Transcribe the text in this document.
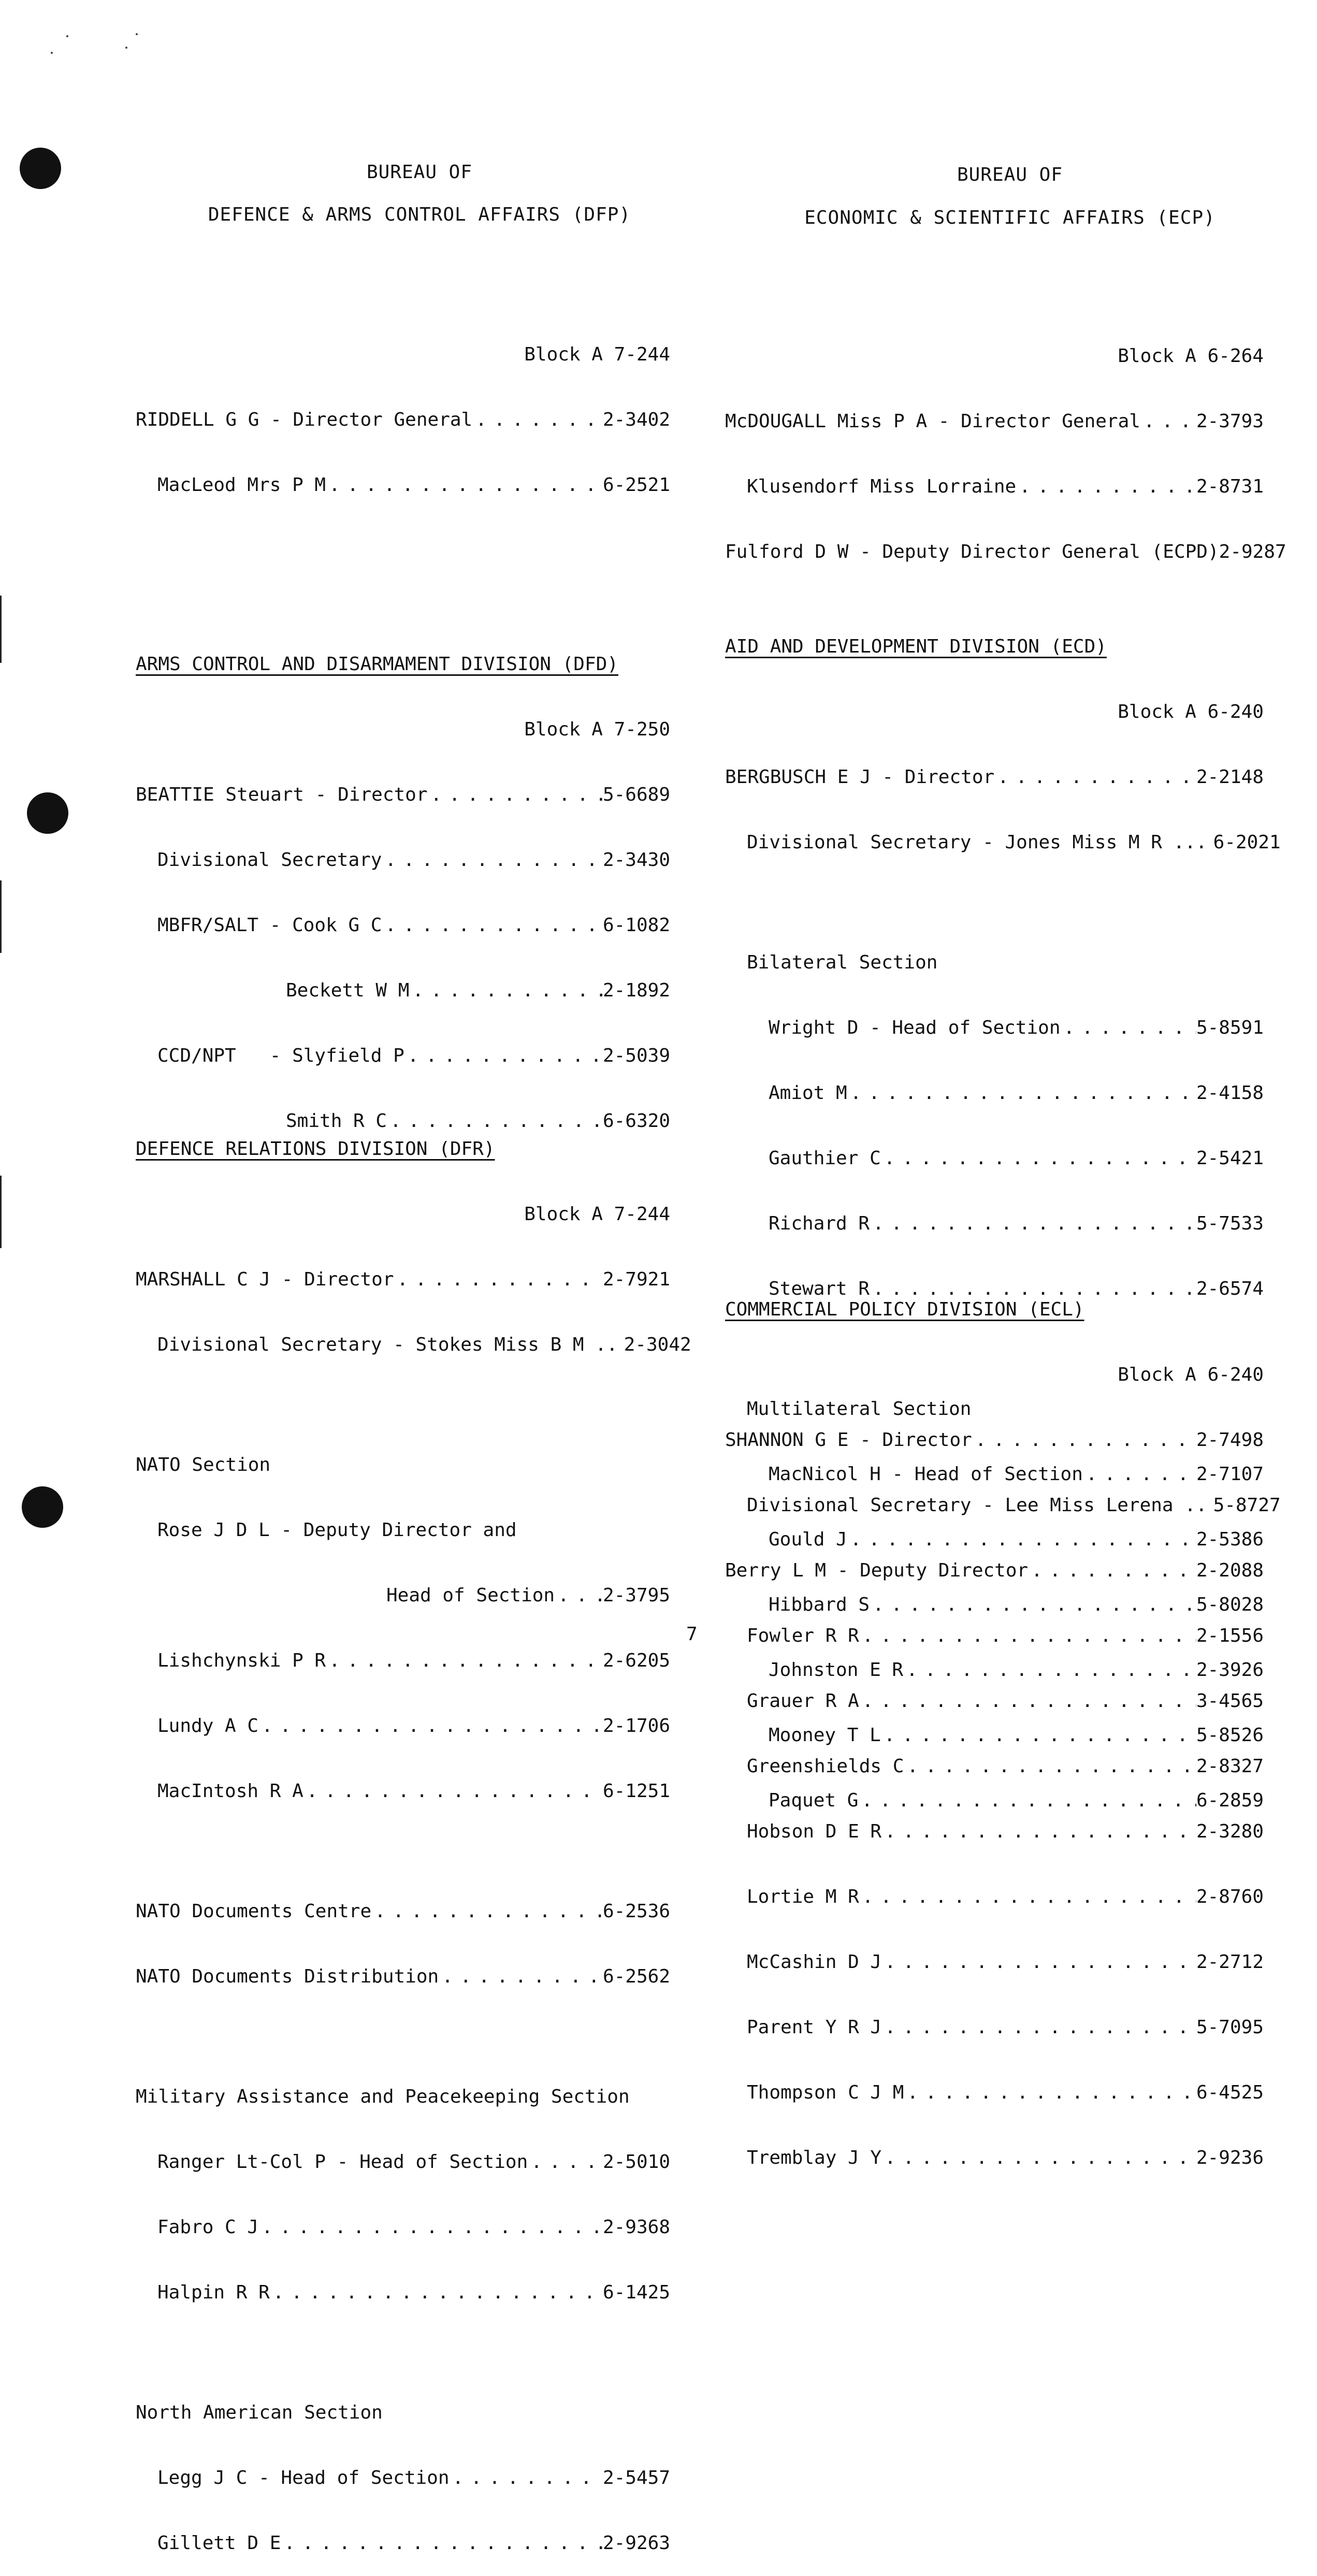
BUREAU OF
DEFENCE & ARMS CONTROL AFFAIRS (DFP)

Block A 7-244

RIDDELL G G - Director General . . .	2-3402

MacLeod Mrs P M . . .	6-2521

ARMS CONTROL AND DISARMAMENT DIVISION (DFD)

Block A 7-250

BEATTIE Steuart - Director . . .	5-6689

Divisional Secretary . . .	2-3430

MBFR/SALT - Cook G C . . .	6-1082

Beckett W M . . .	2-1892

CCD/NPT   - Slyfield P . . .	2-5039

Smith R C . . .	6-6320

DEFENCE RELATIONS DIVISION (DFR)

Block A 7-244

MARSHALL C J - Director . . .	2-7921

Divisional Secretary - Stokes Miss B M .. . . . 2-3042

NATO Section

Rose J D L - Deputy Director and

Head of Section . . .	2-3795

Lishchynski P R . . .	2-6205

Lundy A C . . .	2-1706

MacIntosh R A . . .	6-1251

NATO Documents Centre . . .	6-2536

NATO Documents Distribution . . .	6-2562

Military Assistance and Peacekeeping Section

Ranger Lt-Col P - Head of Section . . .	2-5010

Fabro C J . . .	2-9368

Halpin R R . . .	6-1425

North American Section

Legg J C - Head of Section . . .	2-5457

Gillett D E . . .	2-9263

BUREAU OF
ECONOMIC & SCIENTIFIC AFFAIRS (ECP)

Block A 6-264

McDOUGALL Miss P A - Director General . . .	2-3793

Klusendorf Miss Lorraine . . .	2-8731

Fulford D W - Deputy Director General (ECPD)2-9287

AID AND DEVELOPMENT DIVISION (ECD)

Block A 6-240

BERGBUSCH E J - Director . . .	2-2148

Divisional Secretary - Jones Miss M R ... . . . 6-2021

Bilateral Section

Wright D - Head of Section . . .	5-8591

Amiot M . . .	2-4158

Gauthier C . . .	2-5421

Richard R . . .	5-7533

Stewart R . . .	2-6574

Multilateral Section

MacNicol H - Head of Section . . .	2-7107

Gould J . . .	2-5386

Hibbard S . . .	5-8028

Johnston E R . . .	2-3926

Mooney T L . . .	5-8526

Paquet G . . .	6-2859

COMMERCIAL POLICY DIVISION (ECL)

Block A 6-240

SHANNON G E - Director . . .	2-7498

Divisional Secretary - Lee Miss Lerena .. . . . 5-8727

Berry L M - Deputy Director . . .	2-2088

Fowler R R . . .	2-1556

Grauer R A . . .	3-4565

Greenshields C . . .	2-8327

Hobson D E R . . .	2-3280

Lortie M R . . .	2-8760

McCashin D J . . .	2-2712

Parent Y R J . . .	5-7095

Thompson C J M . . .	6-4525

Tremblay J Y . . .	2-9236

7
